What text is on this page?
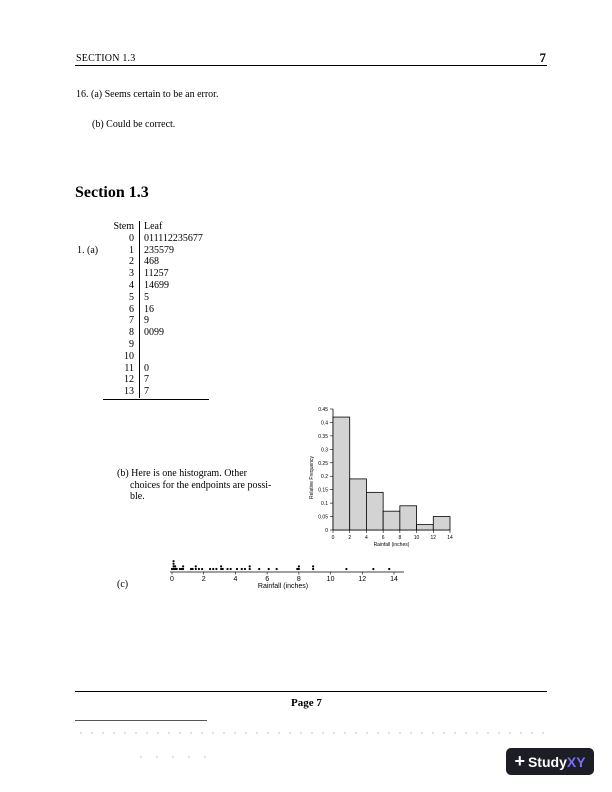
SECTION 1.3	7
16. (a) Seems certain to be an error.
(b) Could be correct.
Section 1.3
1. (a)
Stem	Leaf
0	011112235677
1	235579
2	468
3	11257
4	14699
5	5
6	16
7	9
8	0099
9	
10	
11	0
12	7
13	7
0
0.05
0.1
0.15
0.2
0.25
0.3
0.35
0.4
0.45
0	2	4	6	8	10 12 14
Rainfall (inches)
Relative Frequency
(b) Here is one histogram. Other

choices for the endpoints are possi-
ble.
(c)	0	2	4	6	8	10	12	14
Rainfall (inches)
Page 7
+ Study XY
